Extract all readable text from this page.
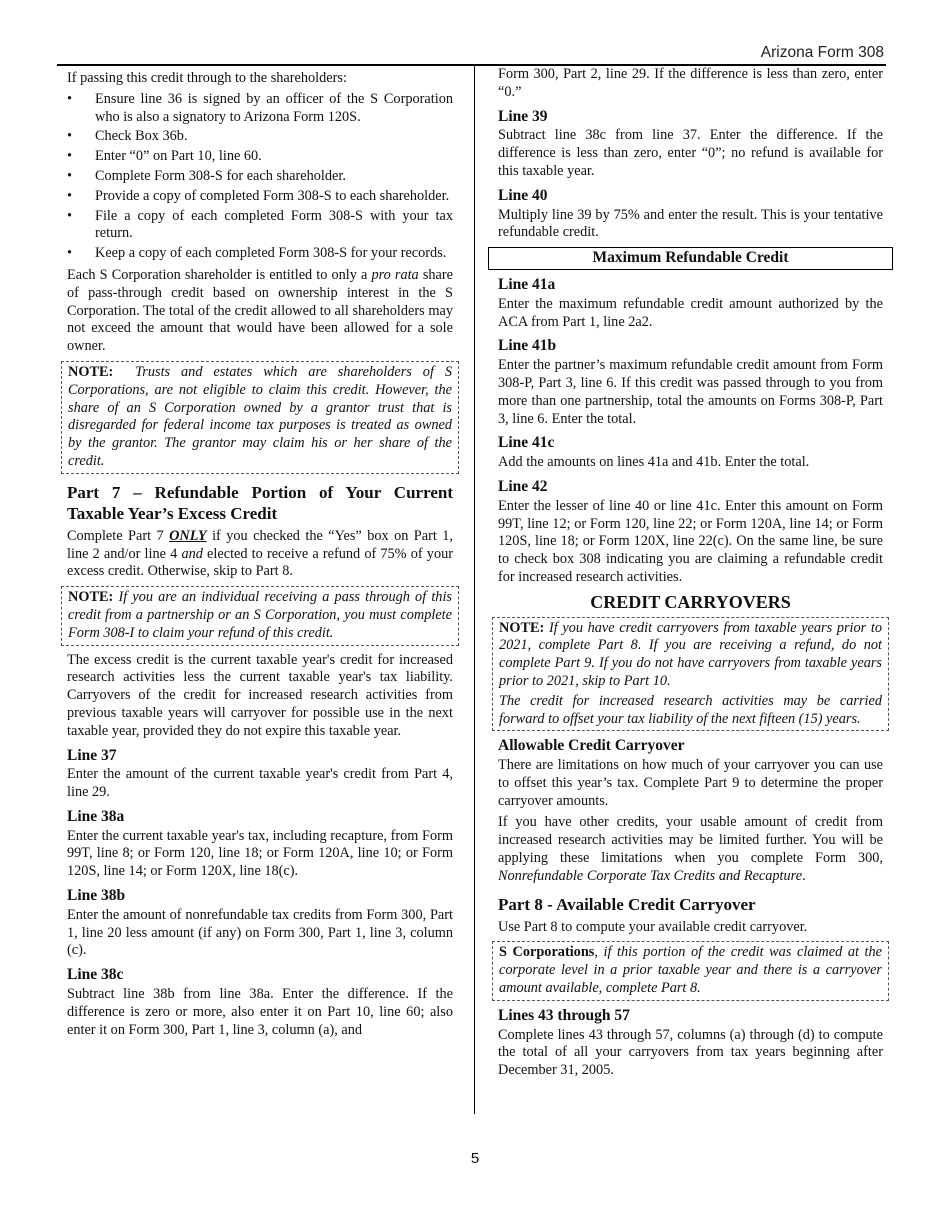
Arizona Form 308

If passing this credit through to the shareholders:

• Ensure line 36 is signed by an officer of the S Corporation who is also a signatory to Arizona Form 120S.
• Check Box 36b.
• Enter “0” on Part 10, line 60.
• Complete Form 308-S for each shareholder.
• Provide a copy of completed Form 308-S to each shareholder.
• File a copy of each completed Form 308-S with your tax return.
• Keep a copy of each completed Form 308-S for your records.

Each S Corporation shareholder is entitled to only a pro rata share of pass-through credit based on ownership interest in the S Corporation. The total of the credit allowed to all shareholders may not exceed the amount that would have been allowed for a sole owner.

NOTE: Trusts and estates which are shareholders of S Corporations, are not eligible to claim this credit. However, the share of an S Corporation owned by a grantor trust that is disregarded for federal income tax purposes is treated as owned by the grantor. The grantor may claim his or her share of the credit.
Part 7 – Refundable Portion of Your Current Taxable Year’s Excess Credit

Complete Part 7 ONLY if you checked the “Yes” box on Part 1, line 2 and/or line 4 and elected to receive a refund of 75% of your excess credit. Otherwise, skip to Part 8.

NOTE: If you are an individual receiving a pass through of this credit from a partnership or an S Corporation, you must complete Form 308-I to claim your refund of this credit.

The excess credit is the current taxable year's credit for increased research activities less the current taxable year's tax liability. Carryovers of the credit for increased research activities from previous taxable years will carryover for possible use in the next taxable year, provided they do not expire this taxable year.

Line 37

Enter the amount of the current taxable year's credit from Part 4, line 29.

Line 38a

Enter the current taxable year's tax, including recapture, from Form 99T, line 8; or Form 120, line 18; or Form 120A, line 10; or Form 120S, line 14; or Form 120X, line 18(c).

Line 38b

Enter the amount of nonrefundable tax credits from Form 300, Part 1, line 20 less amount (if any) on Form 300, Part 1, line 3, column (c).

Line 38c

Subtract line 38b from line 38a. Enter the difference. If the difference is zero or more, also enter it on Part 10, line 60; also enter it on Form 300, Part 1, line 3, column (a), and

Form 300, Part 2, line 29. If the difference is less than zero, enter “0.”

Line 39

Subtract line 38c from line 37. Enter the difference. If the difference is less than zero, enter “0”; no refund is available for this taxable year.

Line 40

Multiply line 39 by 75% and enter the result. This is your tentative refundable credit.

Maximum Refundable Credit
Line 41a

Enter the maximum refundable credit amount authorized by the ACA from Part 1, line 2a2.

Line 41b

Enter the partner’s maximum refundable credit amount from Form 308-P, Part 3, line 6. If this credit was passed through to you from more than one partnership, total the amounts on Forms 308-P, Part 3, line 6. Enter the total.

Line 41c

Add the amounts on lines 41a and 41b. Enter the total.

Line 42

Enter the lesser of line 40 or line 41c. Enter this amount on Form 99T, line 12; or Form 120, line 22; or Form 120A, line 14; or Form 120S, line 18; or Form 120X, line 22(c). On the same line, be sure to check box 308 indicating you are claiming a refundable credit for increased research activities.

CREDIT CARRYOVERS

NOTE: If you have credit carryovers from taxable years prior to 2021, complete Part 8. If you are receiving a refund, do not complete Part 9. If you do not have carryovers from taxable years prior to 2021, skip to Part 10.

The credit for increased research activities may be carried forward to offset your tax liability of the next fifteen (15) years.

Allowable Credit Carryover

There are limitations on how much of your carryover you can use to offset this year’s tax. Complete Part 9 to determine the proper carryover amounts.

If you have other credits, your usable amount of credit from increased research activities may be limited further. You will be applying these limitations when you complete Form 300, Nonrefundable Corporate Tax Credits and Recapture.

Part 8 - Available Credit Carryover

Use Part 8 to compute your available credit carryover.

S Corporations, if this portion of the credit was claimed at the corporate level in a prior taxable year and there is a carryover amount available, complete Part 8.
Lines 43 through 57

Complete lines 43 through 57, columns (a) through (d) to compute the total of all your carryovers from tax years beginning after December 31, 2005.

5
